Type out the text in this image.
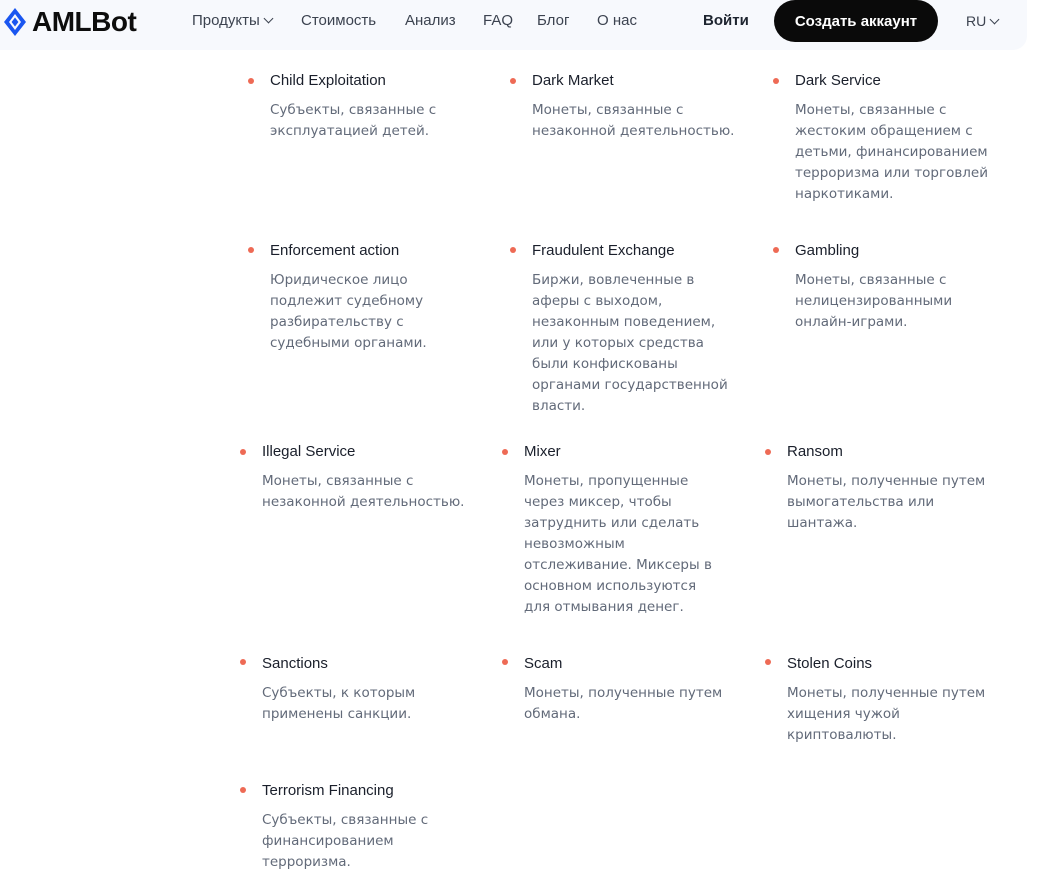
AMLBot	Продукты	Стоимость Анализ FAQ Блог О нас	Войти	Создать аккаунт	RU
Child Exploitation
Субъекты, связанные с эксплуатацией детей.
Dark Market
Монеты, связанные с незаконной деятельностью.
Dark Service
Монеты, связанные с жестоким обращением с детьми, финансированием терроризма или торговлей наркотиками.
Enforcement action
Юридическое лицо подлежит судебному разбирательству с судебными органами.
Fraudulent Exchange
Биржи, вовлеченные в аферы с выходом, незаконным поведением, или у которых средства были конфискованы органами государственной власти.
Gambling
Монеты, связанные с нелицензированными онлайн-играми.
Illegal Service
Монеты, связанные с незаконной деятельностью.
Mixer
Монеты, пропущенные через миксер, чтобы затруднить или сделать невозможным отслеживание. Миксеры в основном используются для отмывания денег.
Ransom
Монеты, полученные путем вымогательства или шантажа.
Sanctions
Субъекты, к которым применены санкции.
Scam
Монеты, полученные путем обмана.
Stolen Coins
Монеты, полученные путем хищения чужой криптовалюты.
Terrorism Financing
Субъекты, связанные с финансированием терроризма.
